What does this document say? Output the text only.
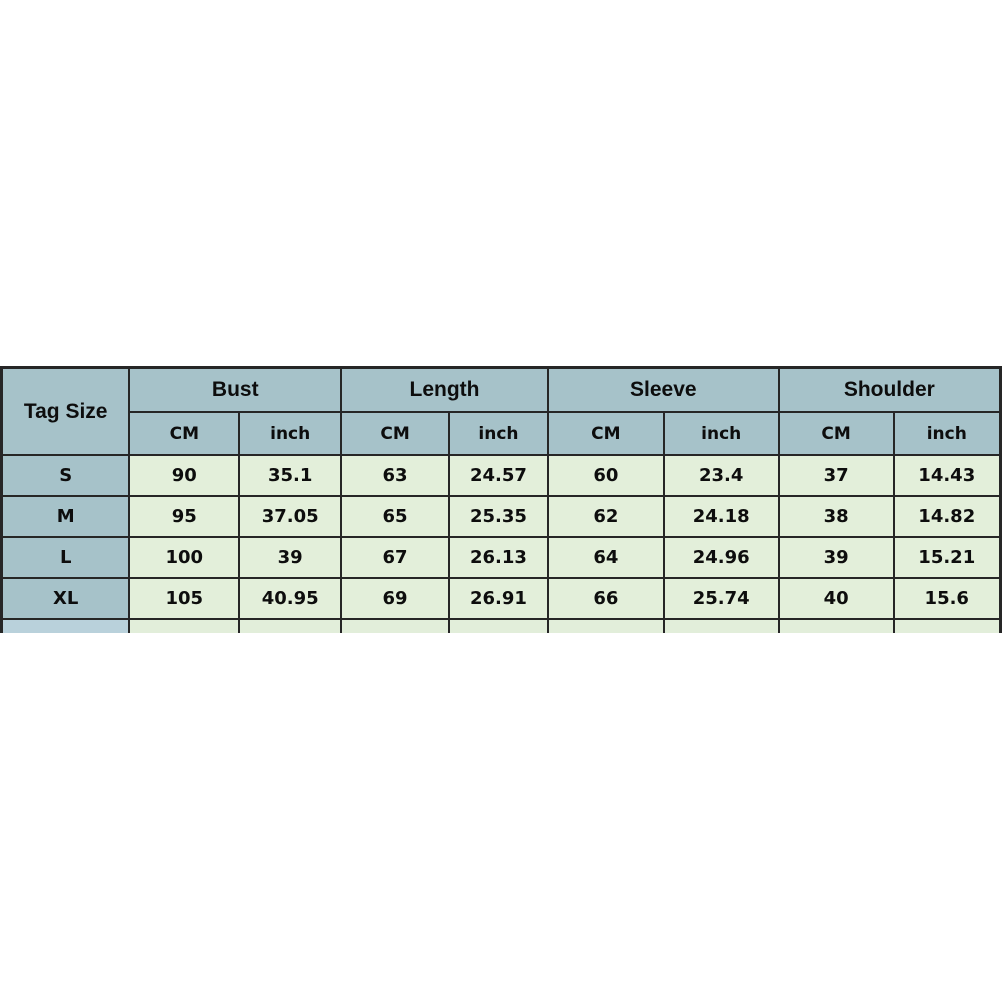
Tag Size	Bust		Length		Sleeve		Shoulder	
	CM	inch	CM	inch	CM	inch	CM	inch
S	90	35.1	63	24.57	60	23.4	37	14.43
M	95	37.05	65	25.35	62	24.18	38	14.82
L	100	39	67	26.13	64	24.96	39	15.21
XL	105	40.95	69	26.91	66	25.74	40	15.6
